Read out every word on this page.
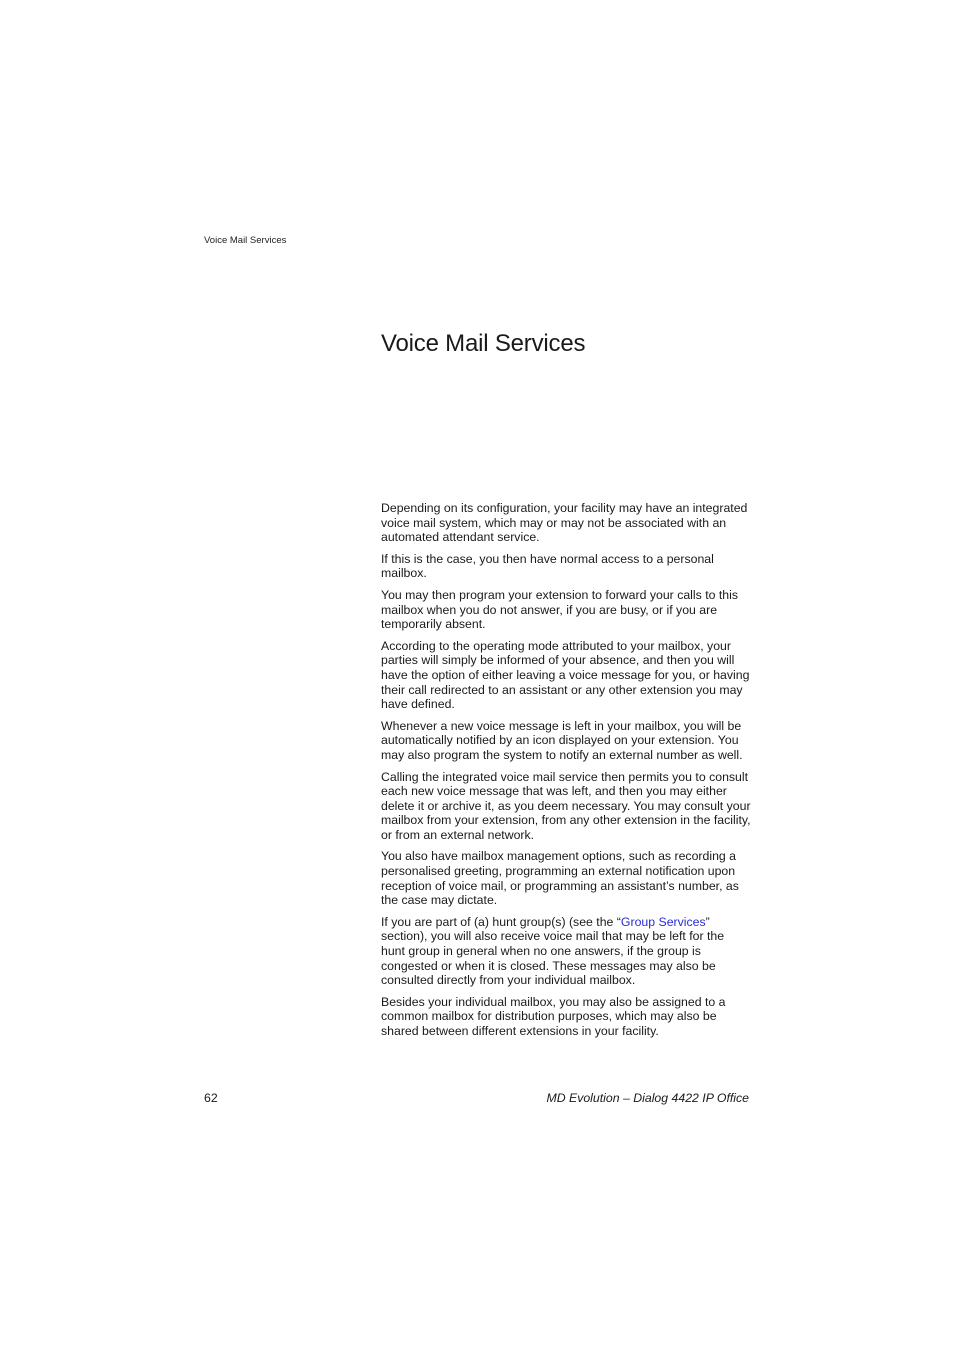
Voice Mail Services
Voice Mail Services

Depending on its configuration, your facility may have an integrated voice mail system, which may or may not be associated with an automated attendant service.

If this is the case, you then have normal access to a personal mailbox.

You may then program your extension to forward your calls to this mailbox when you do not answer, if you are busy, or if you are temporarily absent.

According to the operating mode attributed to your mailbox, your parties will simply be informed of your absence, and then you will have the option of either leaving a voice message for you, or having their call redirected to an assistant or any other extension you may have defined.

Whenever a new voice message is left in your mailbox, you will be automatically notified by an icon displayed on your extension. You may also program the system to notify an external number as well.

Calling the integrated voice mail service then permits you to consult each new voice message that was left, and then you may either delete it or archive it, as you deem necessary. You may consult your mailbox from your extension, from any other extension in the facility, or from an external network.

You also have mailbox management options, such as recording a personalised greeting, programming an external notification upon reception of voice mail, or programming an assistant’s number, as the case may dictate.

If you are part of (a) hunt group(s) (see the “Group Services” section), you will also receive voice mail that may be left for the hunt group in general when no one answers, if the group is congested or when it is closed. These messages may also be consulted directly from your individual mailbox.

Besides your individual mailbox, you may also be assigned to a common mailbox for distribution purposes, which may also be shared between different extensions in your facility.

62	MD Evolution – Dialog 4422 IP Office
